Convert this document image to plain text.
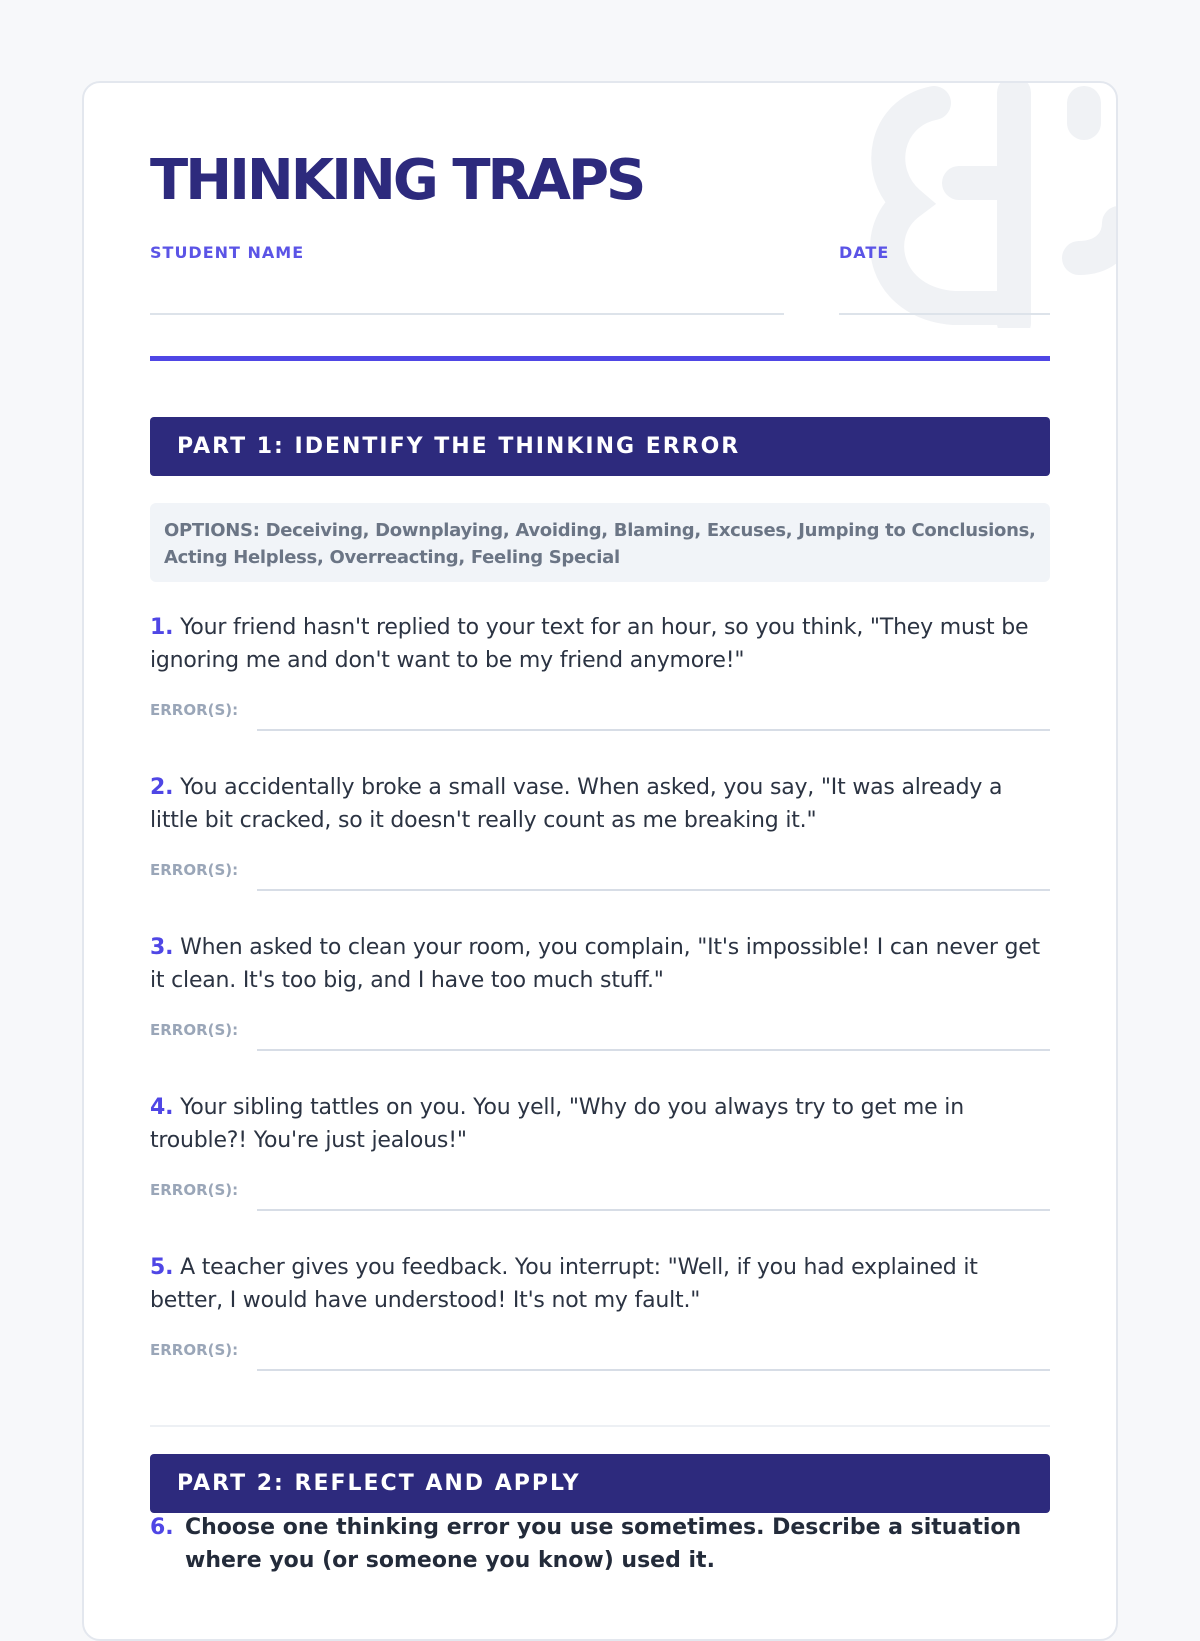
THINKING TRAPS
STUDENT NAME	DATE
PART 1: IDENTIFY THE THINKING ERROR
OPTIONS: Deceiving, Downplaying, Avoiding, Blaming, Excuses, Jumping to Conclusions, Acting Helpless, Overreacting, Feeling Special
1. Your friend hasn't replied to your text for an hour, so you think, "They must be ignoring me and don't want to be my friend anymore!"
ERROR(S):
2. You accidentally broke a small vase. When asked, you say, "It was already a little bit cracked, so it doesn't really count as me breaking it."
ERROR(S):
3. When asked to clean your room, you complain, "It's impossible! I can never get it clean. It's too big, and I have too much stuff."
ERROR(S):
4. Your sibling tattles on you. You yell, "Why do you always try to get me in trouble?! You're just jealous!"
ERROR(S):
5. A teacher gives you feedback. You interrupt: "Well, if you had explained it better, I would have understood! It's not my fault."
ERROR(S):
PART 2: REFLECT AND APPLY
6. Choose one thinking error you use sometimes. Describe a situation where you (or someone you know) used it.
